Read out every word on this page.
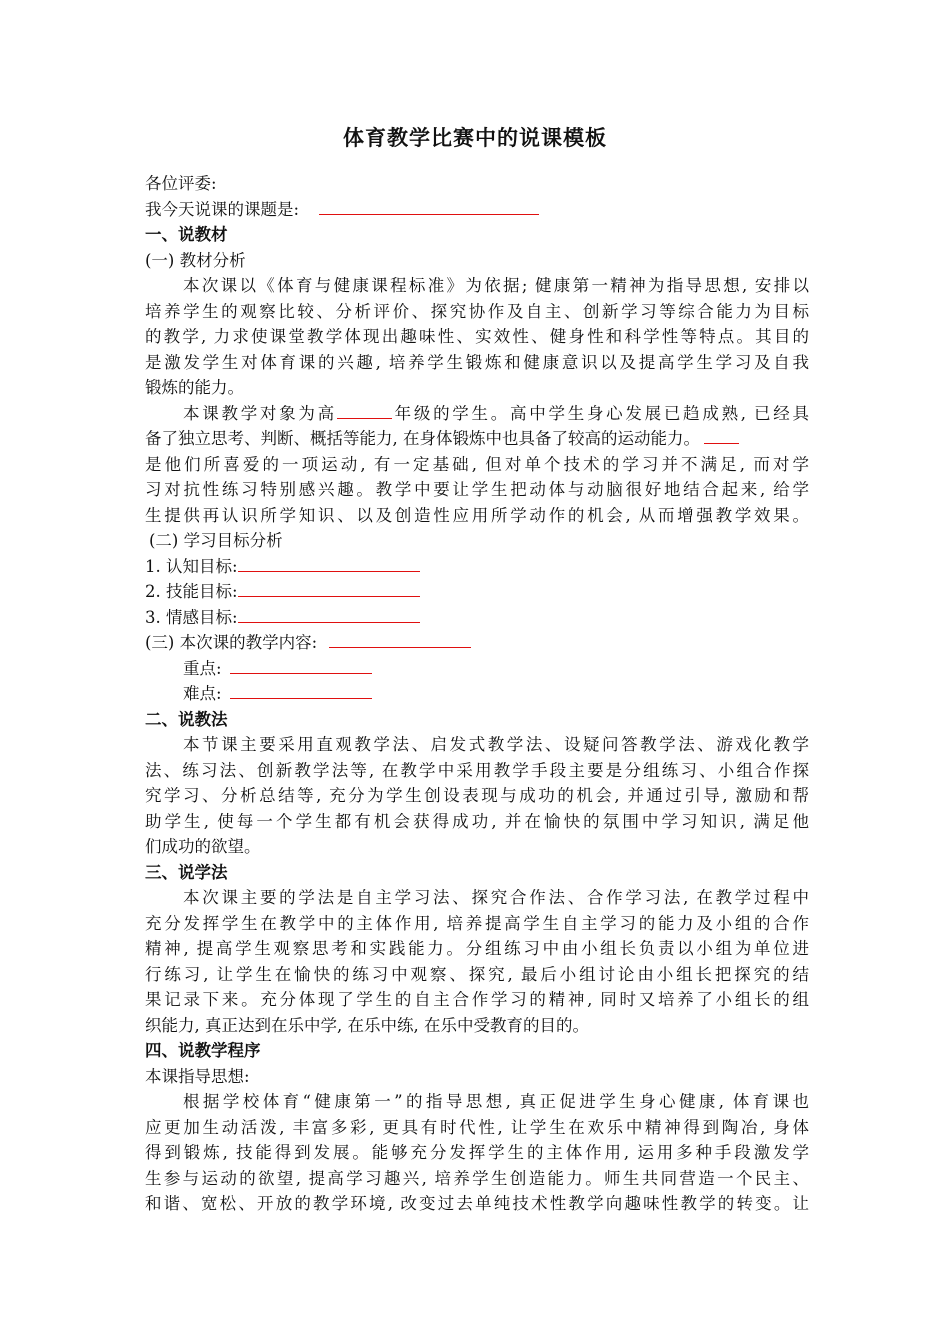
体育教学比赛中的说课模板
各位评委:
我今天说课的课题是:
一、说教材
(一) 教材分析
本次课以《体育与健康课程标准》为依据; 健康第一精神为指导思想, 安排以
培养学生的观察比较、分析评价、探究协作及自主、创新学习等综合能力为目标
的教学, 力求使课堂教学体现出趣味性、实效性、健身性和科学性等特点。其目的
是激发学生对体育课的兴趣, 培养学生锻炼和健康意识以及提高学生学习及自我
锻炼的能力。
本课教学对象为高	年级的学生。高中学生身心发展已趋成熟, 已经具
备了独立思考、判断、概括等能力, 在身体锻炼中也具备了较高的运动能力。
是他们所喜爱的一项运动, 有一定基础, 但对单个技术的学习并不满足, 而对学
习对抗性练习特别感兴趣。教学中要让学生把动体与动脑很好地结合起来, 给学
生提供再认识所学知识、以及创造性应用所学动作的机会, 从而增强教学效果。
(二) 学习目标分析
1. 认知目标:
2. 技能目标:
3. 情感目标:
(三) 本次课的教学内容:
重点:
难点:
二、说教法
本节课主要采用直观教学法、启发式教学法、设疑问答教学法、游戏化教学
法、练习法、创新教学法等, 在教学中采用教学手段主要是分组练习、小组合作探
究学习、分析总结等, 充分为学生创设表现与成功的机会, 并通过引导, 激励和帮
助学生, 使每一个学生都有机会获得成功, 并在愉快的氛围中学习知识, 满足他
们成功的欲望。
三、说学法
本次课主要的学法是自主学习法、探究合作法、合作学习法, 在教学过程中
充分发挥学生在教学中的主体作用, 培养提高学生自主学习的能力及小组的合作
精神, 提高学生观察思考和实践能力。分组练习中由小组长负责以小组为单位进
行练习, 让学生在愉快的练习中观察、探究, 最后小组讨论由小组长把探究的结
果记录下来。充分体现了学生的自主合作学习的精神, 同时又培养了小组长的组
织能力, 真正达到在乐中学, 在乐中练, 在乐中受教育的目的。
四、说教学程序
本课指导思想:
根据学校体育“健康第一”的指导思想, 真正促进学生身心健康, 体育课也
应更加生动活泼, 丰富多彩, 更具有时代性, 让学生在欢乐中精神得到陶冶, 身体
得到锻炼, 技能得到发展。能够充分发挥学生的主体作用, 运用多种手段激发学
生参与运动的欲望, 提高学习趣兴, 培养学生创造能力。师生共同营造一个民主、
和谐、宽松、开放的教学环境, 改变过去单纯技术性教学向趣味性教学的转变。让
